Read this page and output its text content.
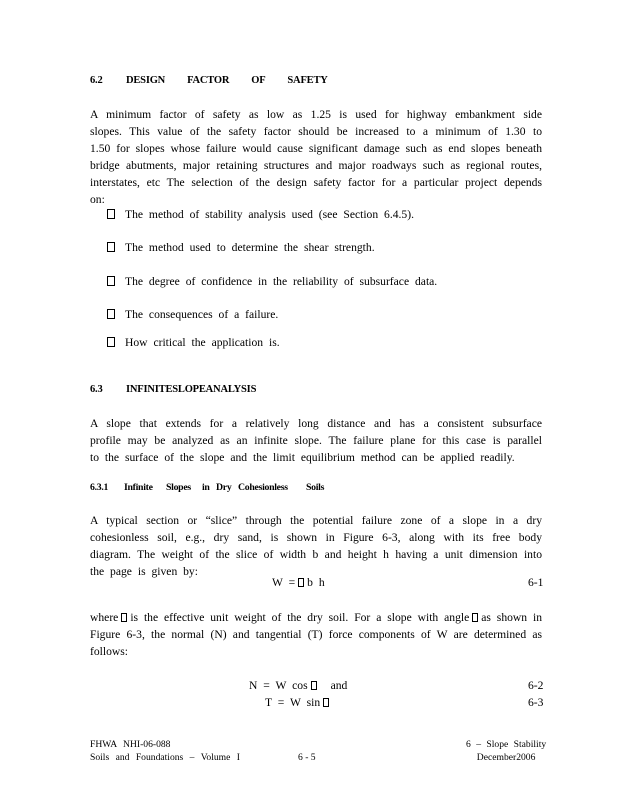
6.2 DESIGN FACTOR OF SAFETY
A minimum factor of safety as low as 1.25 is used for highway embankment side slopes. This value of the safety factor should be increased to a minimum of 1.30 to 1.50 for slopes whose failure would cause significant damage such as end slopes beneath bridge abutments, major retaining structures and major roadways such as regional routes, interstates, etc The selection of the design safety factor for a particular project depends on:
The method of stability analysis used (see Section 6.4.5).
The method used to determine the shear strength.
The degree of confidence in the reliability of subsurface data.
The consequences of a failure.
How critical the application is.
6.3 INFINITESLOPEANALYSIS
A slope that extends for a relatively long distance and has a consistent subsurface profile may be analyzed as an infinite slope. The failure plane for this case is parallel to the surface of the slope and the limit equilibrium method can be applied readily.
6.3.1 Infinite Slopes in Dry Cohesionless Soils
A typical section or “slice” through the potential failure zone of a slope in a dry cohesionless soil, e.g., dry sand, is shown in Figure 6-3, along with its free body diagram. The weight of the slice of width b and height h having a unit dimension into the page is given by:
W = b h	6-1
where is the effective unit weight of the dry soil. For a slope with angle as shown in Figure 6-3, the normal (N) and tangential (T) force components of W are determined as follows:
N = W cos and	6-2
T = W sin	6-3
FHWA NHI-06-088
Soils and Foundations – Volume I	6 - 5
6 – Slope Stability
December2006
